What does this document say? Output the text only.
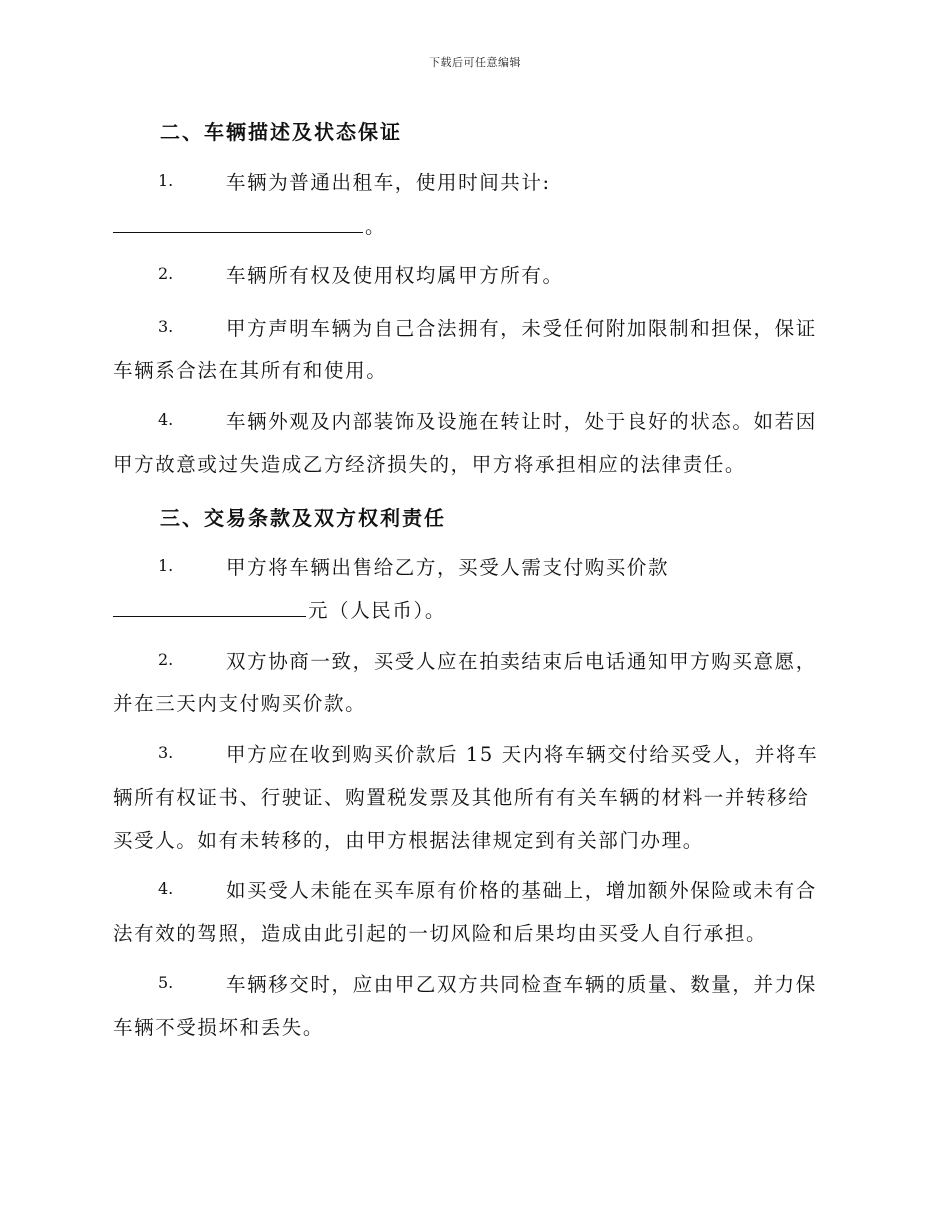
下载后可任意编辑
二、车辆描述及状态保证
1.	车辆为普通出租车，使用时间共计:
。
2.	车辆所有权及使用权均属甲方所有。
3.	甲方声明车辆为自己合法拥有，未受任何附加限制和担保，保证
车辆系合法在其所有和使用。
4.	车辆外观及内部装饰及设施在转让时，处于良好的状态。如若因
甲方故意或过失造成乙方经济损失的，甲方将承担相应的法律责任。
三、交易条款及双方权利责任
1.	甲方将车辆出售给乙方，买受人需支付购买价款
元（人民币）。
2.	双方协商一致，买受人应在拍卖结束后电话通知甲方购买意愿，
并在三天内支付购买价款。
3.	甲方应在收到购买价款后 15 天内将车辆交付给买受人，并将车
辆所有权证书、行驶证、购置税发票及其他所有有关车辆的材料一并转移给
买受人。如有未转移的，由甲方根据法律规定到有关部门办理。
4.	如买受人未能在买车原有价格的基础上，增加额外保险或未有合
法有效的驾照，造成由此引起的一切风险和后果均由买受人自行承担。
5.	车辆移交时，应由甲乙双方共同检查车辆的质量、数量，并力保
车辆不受损坏和丢失。
